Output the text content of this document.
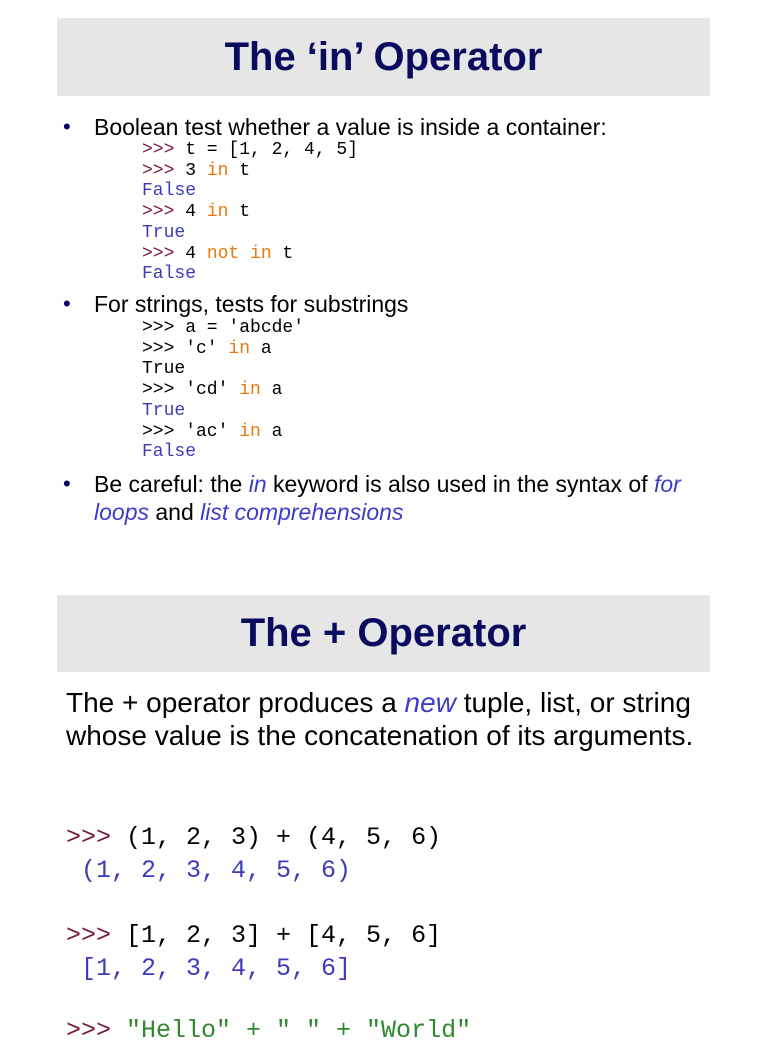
The ‘in’ Operator
• Boolean test whether a value is inside a container:
>>> t = [1, 2, 4, 5]
>>> 3 in t
False
>>> 4 in t
True
>>> 4 not in t
False
• For strings, tests for substrings
>>> a = 'abcde'
>>> 'c' in a
True
>>> 'cd' in a
True
>>> 'ac' in a
False
• Be careful: the in keyword is also used in the syntax of for loops and list comprehensions
The + Operator
The + operator produces a new tuple, list, or string whose value is the concatenation of its arguments.
>>> (1, 2, 3) + (4, 5, 6)
(1, 2, 3, 4, 5, 6)
>>> [1, 2, 3] + [4, 5, 6]
[1, 2, 3, 4, 5, 6]
>>> "Hello" + " " + "World"
